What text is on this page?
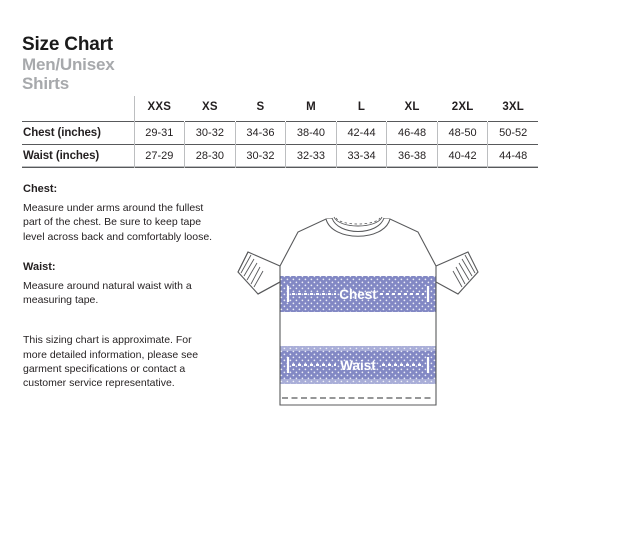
Size Chart
Men/Unisex
Shirts
	XXS	XS	S	M	L	XL	2XL	3XL
Chest (inches)	29-31	30-32	34-36	38-40	42-44	46-48	48-50	50-52
Waist (inches)	27-29	28-30	30-32	32-33	33-34	36-38	40-42	44-48
Chest:

Measure under arms around the fullest part of the chest. Be sure to keep tape level across back and comfortably loose.

Waist:

Measure around natural waist with a measuring tape.

This sizing chart is approximate. For more detailed information, please see garment specifications or contact a customer service representative.

Chest
Waist
